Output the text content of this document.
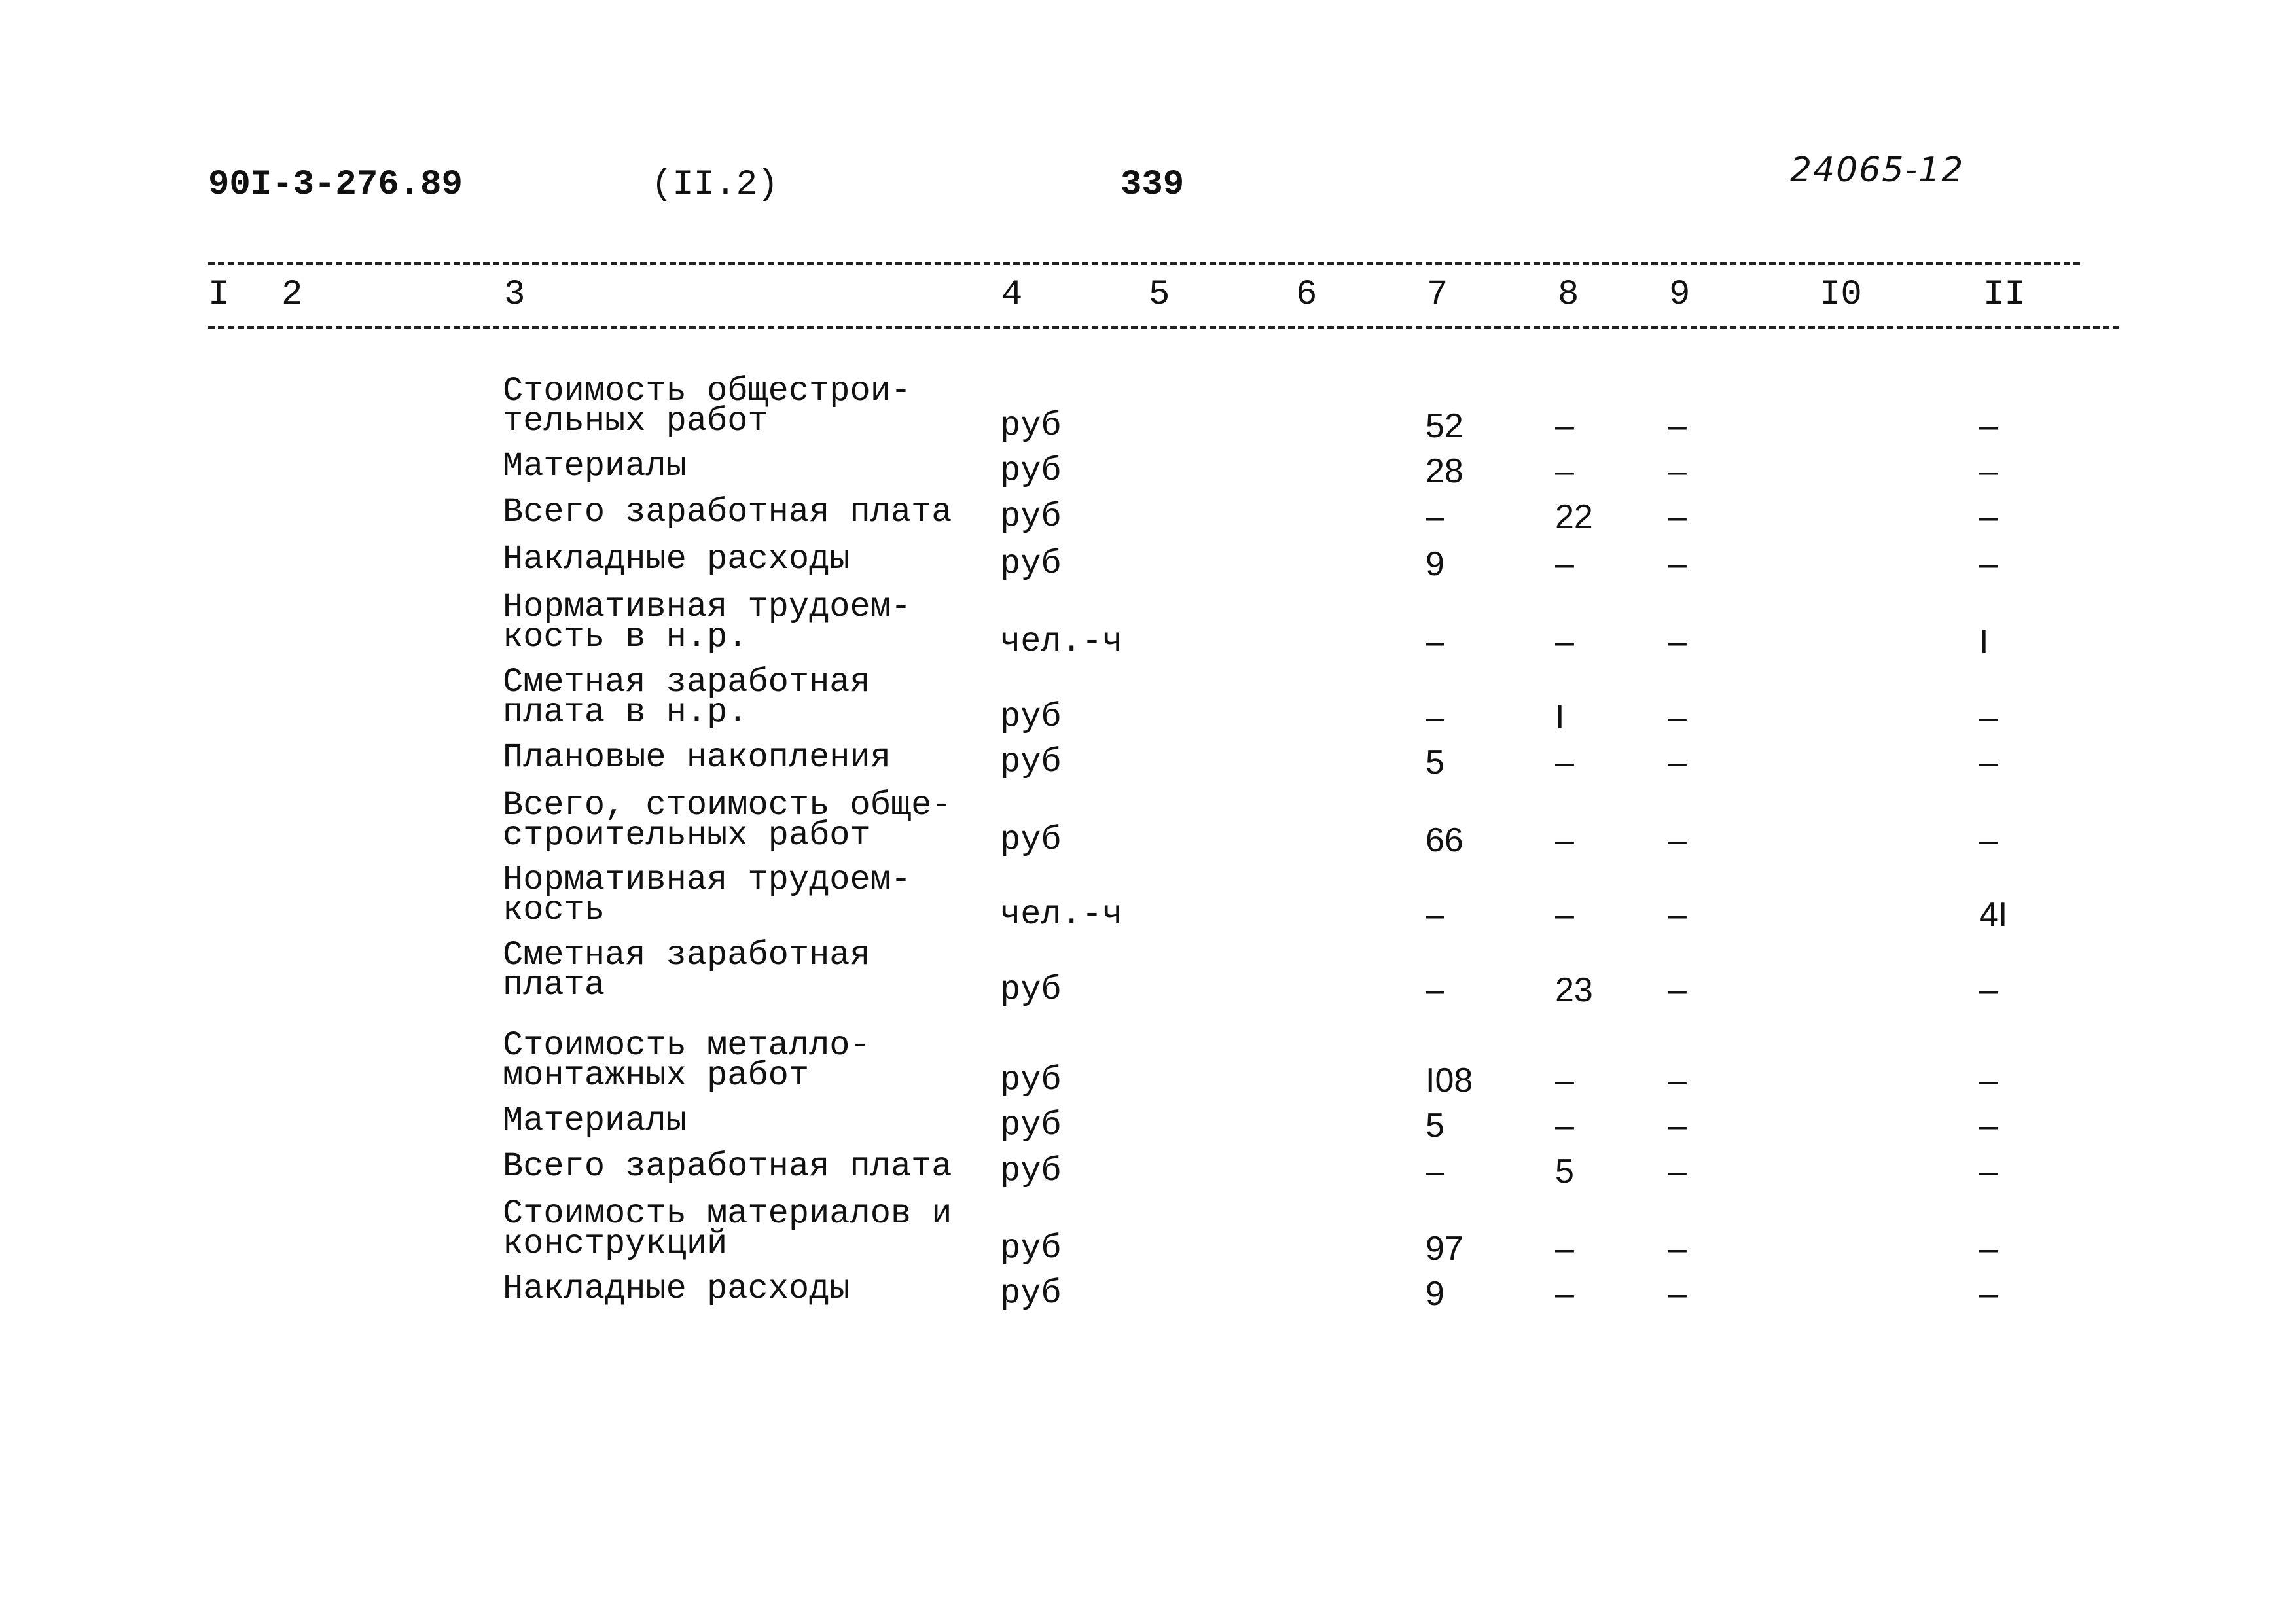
90I-3-276.89	(II.2)	339	24065-12
I 2	3	4	5	6	7	8	9	I0	II
Стоимость общестрои-
тельных работ	руб	52	–	–	–
Материалы	руб	28	–	–	–
Всего заработная плата руб	–	22 –	–
Накладные расходы	руб	9	–	–	–
Нормативная трудоем-
кость в н.р.	чел.-ч	–	–	–	I
Сметная заработная
плата в н.р.	руб	–	I	–	–
Плановые накопления	руб	5	–	–	–
Всего, стоимость обще-
строительных работ	руб	66	–	–	–
Нормативная трудоем-
кость	чел.-ч	–	–	–	4I
Сметная заработная
плата	руб	–	23 –	–
Стоимость металло-
монтажных работ	руб	I08 –	–	–
Материалы	руб	5	–	–	–
Всего заработная плата руб	–	5	–	–
Стоимость материалов и
конструкций	руб	97	–	–	–
Накладные расходы	руб	9	–	–	–
